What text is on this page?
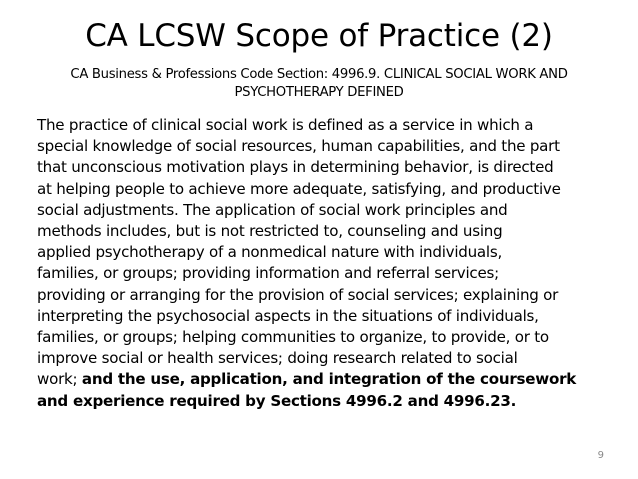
CA LCSW Scope of Practice (2)
CA Business & Professions Code Section: 4996.9. CLINICAL SOCIAL WORK AND
PSYCHOTHERAPY DEFINED
The practice of clinical social work is defined as a service in which a
special knowledge of social resources, human capabilities, and the part
that unconscious motivation plays in determining behavior, is directed
at helping people to achieve more adequate, satisfying, and productive
social adjustments. The application of social work principles and
methods includes, but is not restricted to, counseling and using
applied psychotherapy of a nonmedical nature with individuals,
families, or groups; providing information and referral services;
providing or arranging for the provision of social services; explaining or
interpreting the psychosocial aspects in the situations of individuals,
families, or groups; helping communities to organize, to provide, or to
improve social or health services; doing research related to social
work; and the use, application, and integration of the coursework
and experience required by Sections 4996.2 and 4996.23.
9
